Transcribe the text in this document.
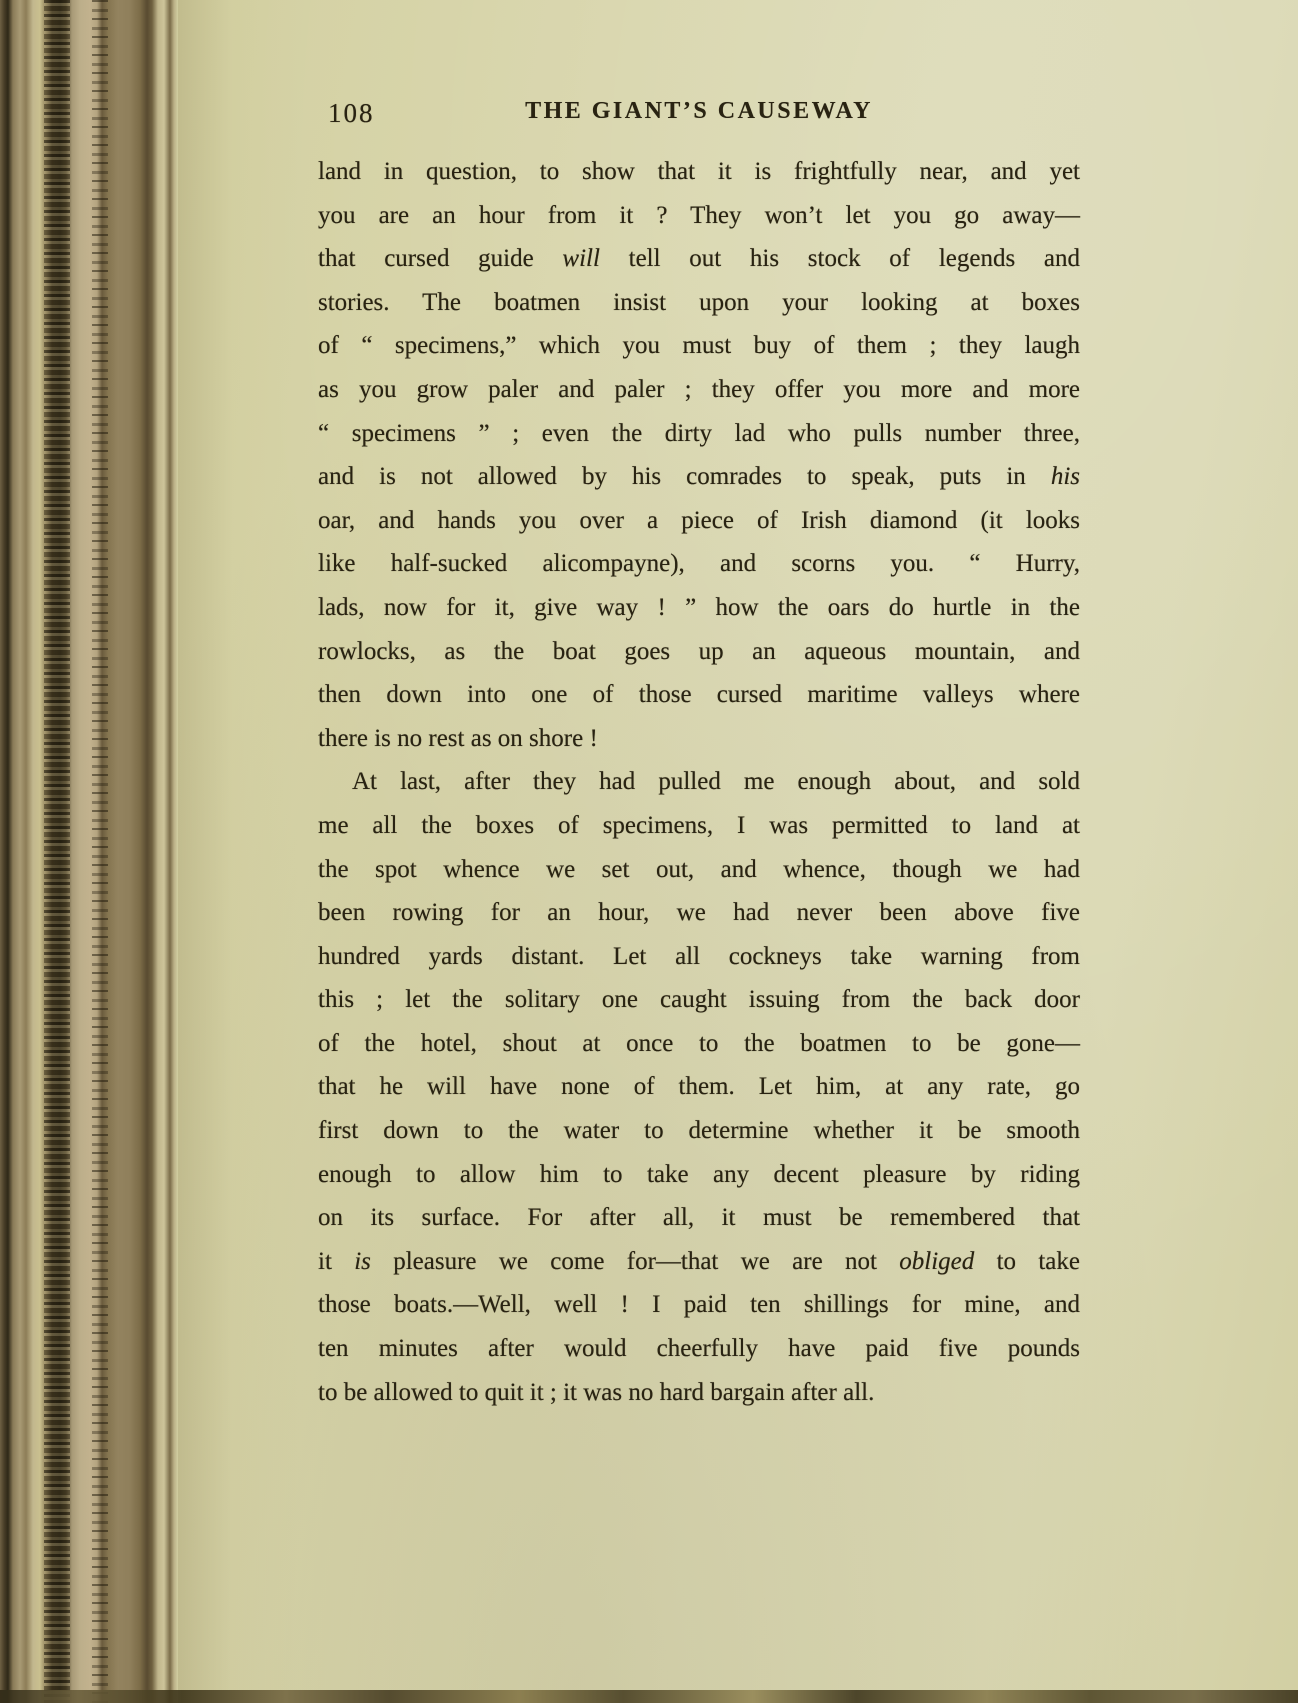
108	THE GIANT’S CAUSEWAY
land in question, to show that it is frightfully near, and yet
you are an hour from it ? They won’t let you go away—
that cursed guide will tell out his stock of legends and
stories. The boatmen insist upon your looking at boxes
of “ specimens,” which you must buy of them ; they laugh
as you grow paler and paler ; they offer you more and more
“ specimens ” ; even the dirty lad who pulls number three,
and is not allowed by his comrades to speak, puts in his
oar, and hands you over a piece of Irish diamond (it looks
like half-sucked alicompayne), and scorns you. “ Hurry,
lads, now for it, give way ! ” how the oars do hurtle in the
rowlocks, as the boat goes up an aqueous mountain, and
then down into one of those cursed maritime valleys where
there is no rest as on shore !
At last, after they had pulled me enough about, and sold
me all the boxes of specimens, I was permitted to land at
the spot whence we set out, and whence, though we had
been rowing for an hour, we had never been above five
hundred yards distant. Let all cockneys take warning from
this ; let the solitary one caught issuing from the back door
of the hotel, shout at once to the boatmen to be gone—
that he will have none of them. Let him, at any rate, go
first down to the water to determine whether it be smooth
enough to allow him to take any decent pleasure by riding
on its surface. For after all, it must be remembered that
it is pleasure we come for—that we are not obliged to take
those boats.—Well, well ! I paid ten shillings for mine, and
ten minutes after would cheerfully have paid five pounds
to be allowed to quit it ; it was no hard bargain after all.
